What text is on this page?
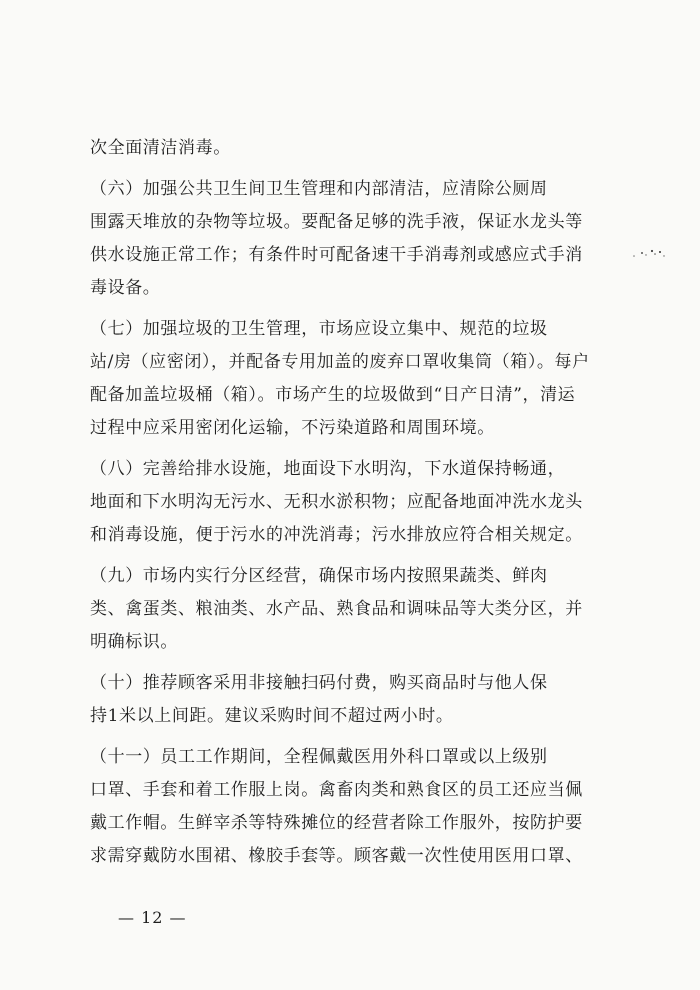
次全面清洁消毒。
（六）加强公共卫生间卫生管理和内部清洁，应清除公厕周
围露天堆放的杂物等垃圾。要配备足够的洗手液，保证水龙头等
供水设施正常工作；有条件时可配备速干手消毒剂或感应式手消
毒设备。
（七）加强垃圾的卫生管理，市场应设立集中、规范的垃圾
站/房（应密闭），并配备专用加盖的废弃口罩收集筒（箱）。每户
配备加盖垃圾桶（箱）。市场产生的垃圾做到“日产日清”，清运
过程中应采用密闭化运输，不污染道路和周围环境。
（八）完善给排水设施，地面设下水明沟，下水道保持畅通，
地面和下水明沟无污水、无积水淤积物；应配备地面冲洗水龙头
和消毒设施，便于污水的冲洗消毒；污水排放应符合相关规定。
（九）市场内实行分区经营，确保市场内按照果蔬类、鲜肉
类、禽蛋类、粮油类、水产品、熟食品和调味品等大类分区，并
明确标识。
（十）推荐顾客采用非接触扫码付费，购买商品时与他人保
持1米以上间距。建议采购时间不超过两小时。
（十一）员工工作期间，全程佩戴医用外科口罩或以上级别
口罩、手套和着工作服上岗。禽畜肉类和熟食区的员工还应当佩
戴工作帽。生鲜宰杀等特殊摊位的经营者除工作服外，按防护要
求需穿戴防水围裙、橡胶手套等。顾客戴一次性使用医用口罩、
— 12 —
